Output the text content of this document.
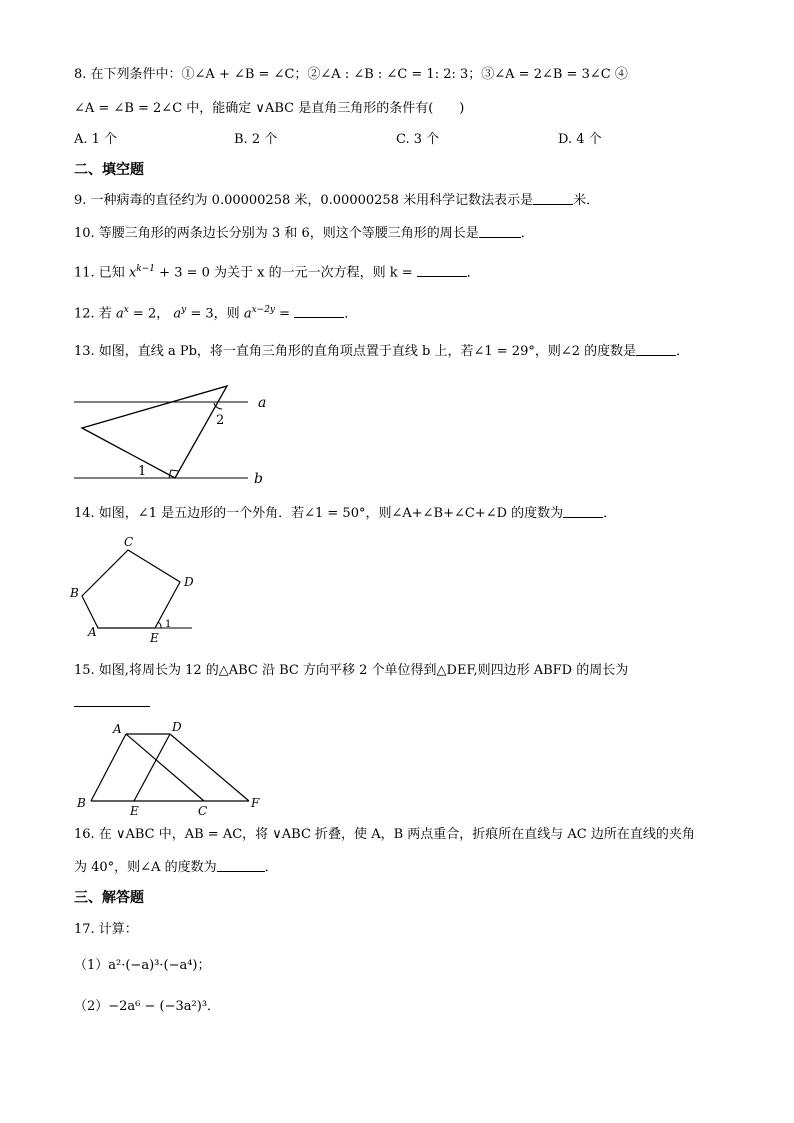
8. 在下列条件中：①∠A + ∠B = ∠C；②∠A : ∠B : ∠C = 1: 2: 3；③∠A = 2∠B = 3∠C ④
∠A = ∠B = 2∠C 中，能确定 ∨ABC 是直角三角形的条件有(　　)
A. 1 个	B. 2 个	C. 3 个	D. 4 个
二、填空题
9. 一种病毒的直径约为 0.00000258 米，0.00000258 米用科学记数法表示是	米．
10. 等腰三角形的两条边长分别为 3 和 6，则这个等腰三角形的周长是	．
11. 已知 $x^{k-1} + 3 = 0$ 为关于 x 的一元一次方程，则 k =	．
12. 若 $a^x = 2$， $a^y = 3$，则 $a^{x-2y}$ =	．
13. 如图，直线 a Pb，将一直角三角形的直角项点置于直线 b 上，若∠1 = 29°，则∠2 的度数是	．
a
b
1
2
14. 如图，∠1 是五边形的一个外角．若∠1 = 50°，则∠A+∠B+∠C+∠D 的度数为	．
C
B
D
A	E
1
15. 如图,将周长为 12 的△ABC 沿 BC 方向平移 2 个单位得到△DEF,则四边形 ABFD 的周长为
A	D
B
E	C
F
16. 在 ∨ABC 中，AB = AC，将 ∨ABC 折叠，使 A，B 两点重合，折痕所在直线与 AC 边所在直线的夹角
为 40°，则∠A 的度数为	．
三、解答题
17. 计算：
（1）a²·(−a)³·(−a⁴)；
（2）−2a⁶ − (−3a²)³．
